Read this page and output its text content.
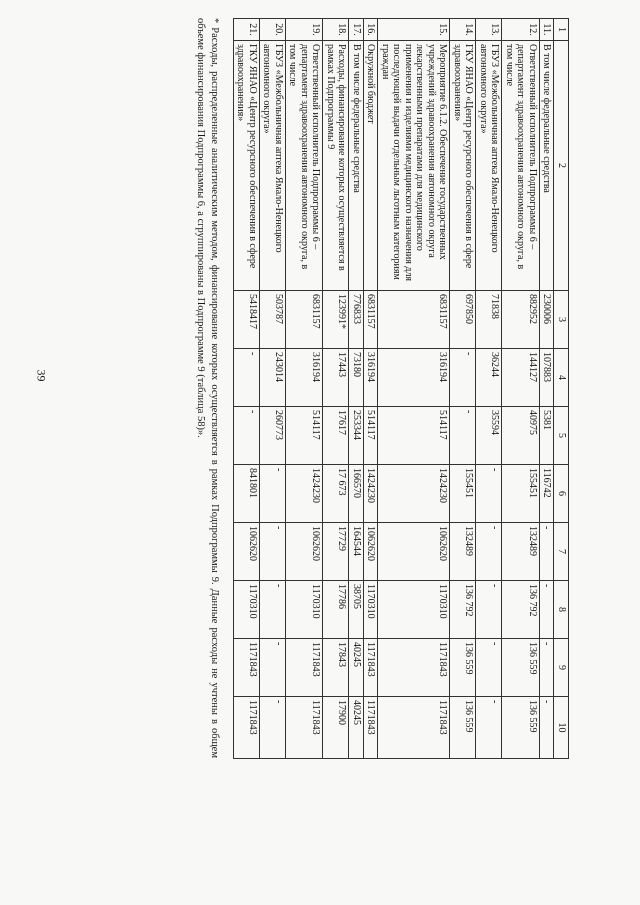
39
1	2	3	4	5	6	7	8	9	10
11.	В том числе федеральные средства	230006	107883	5381	116742	-	-	-	-
12.	Ответственный исполнитель Подпрограммы 6 – департамент здравоохранения автономного округа, в том числе	882952	144127	40975	155451	132489	136 792	136 559	136 559
13.	ГБУЗ «Межбольничная аптека Ямало-Ненецкого автономного округа»	71838	36244	35594	-	-	-	-	-
14.	ГКУ ЯНАО «Центр ресурсного обеспечения в сфере здравоохранения»	697850	-	-	155451	132489	136 792	136 559	136 559
15.	Мероприятие 6.1.2. Обеспечение государственных учреждений здравоохранения автономного округа лекарственными препаратами для медицинского применения и изделиями медицинского назначения для последующей выдачи отдельным льготным категориям граждан	6831157	316194	514117	1424230	1062620	1170310	1171843	1171843
16.	Окружной бюджет	6831157	316194	514117	1424230	1062620	1170310	1171843	1171843
17.	В том числе федеральные средства	776833	73180	253344	166570	164544	38705	40245	40245
18.	Расходы, финансирование которых осуществляется в рамках Подпрограммы 9	123991*	17443	17617	17 673	17729	17786	17843	17900
19.	Ответственный исполнитель Подпрограммы 6 – департамент здравоохранения автономного округа, в том числе	6831157	316194	514117	1424230	1062620	1170310	1171843	1171843
20.	ГБУЗ «Межбольничная аптека Ямало-Ненецкого автономного округа»	503787	243014	260773	-	-	-	-	-
21.	ГКУ ЯНАО «Центр ресурсного обеспечения в сфере здравоохранения»	5418417	-	-	841801	1062620	1170310	1171843	1171843
* Расходы, распределенные аналитическим методом, финансирование которых осуществляется в рамках Подпрограммы 9. Данные расходы не учтены в общем объеме финансирования Подпрограммы 6, а сгруппированы в Подпрограмме 9 (таблица 58)».
